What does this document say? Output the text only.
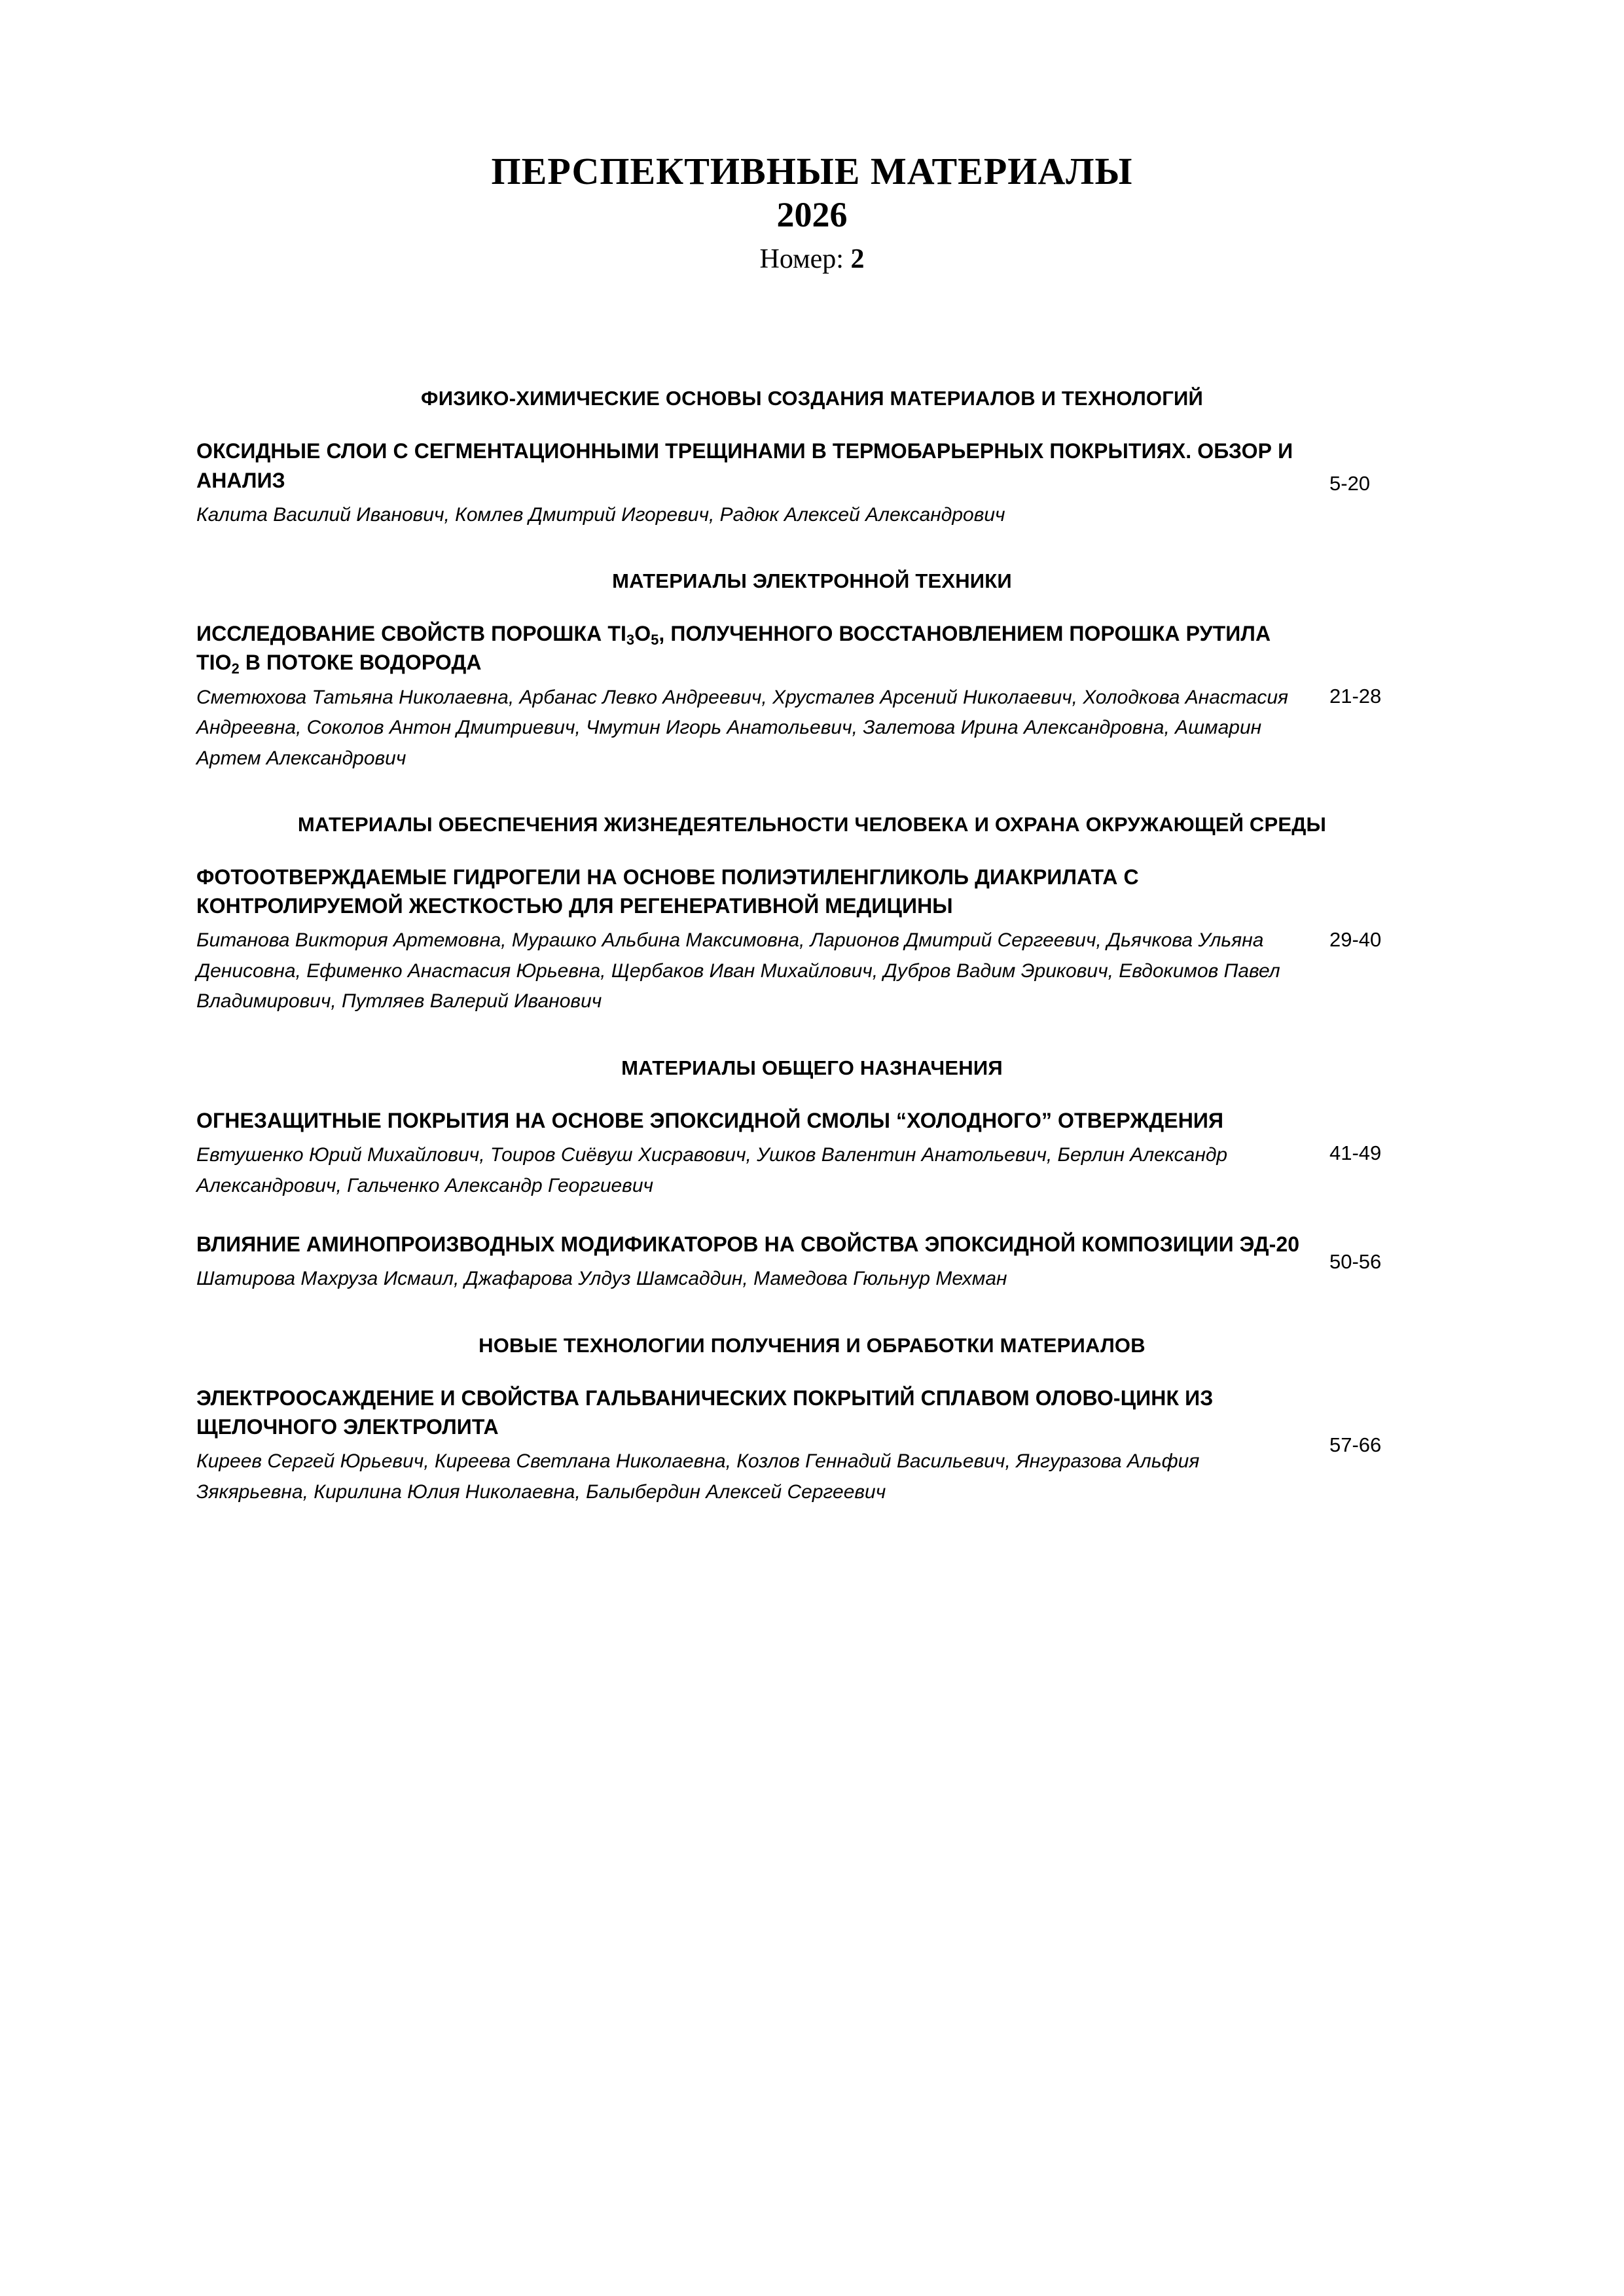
ПЕРСПЕКТИВНЫЕ МАТЕРИАЛЫ
2026
Номер: 2
ФИЗИКО-ХИМИЧЕСКИЕ ОСНОВЫ СОЗДАНИЯ МАТЕРИАЛОВ И ТЕХНОЛОГИЙ
ОКСИДНЫЕ СЛОИ С СЕГМЕНТАЦИОННЫМИ ТРЕЩИНАМИ В ТЕРМОБАРЬЕРНЫХ ПОКРЫТИЯХ. ОБЗОР И АНАЛИЗ
Калита Василий Иванович, Комлев Дмитрий Игоревич, Радюк Алексей Александрович
5-20
МАТЕРИАЛЫ ЭЛЕКТРОННОЙ ТЕХНИКИ
ИССЛЕДОВАНИЕ СВОЙСТВ ПОРОШКА $TI_3O_5$, ПОЛУЧЕННОГО ВОССТАНОВЛЕНИЕМ ПОРОШКА РУТИЛА $TIO_2$ В ПОТОКЕ ВОДОРОДА
Сметюхова Татьяна Николаевна, Арбанас Левко Андреевич, Хрусталев Арсений Николаевич, Холодкова Анастасия Андреевна, Соколов Антон Дмитриевич, Чмутин Игорь Анатольевич, Залетова Ирина Александровна, Ашмарин Артем Александрович
21-28
МАТЕРИАЛЫ ОБЕСПЕЧЕНИЯ ЖИЗНЕДЕЯТЕЛЬНОСТИ ЧЕЛОВЕКА И ОХРАНА ОКРУЖАЮЩЕЙ СРЕДЫ
ФОТООТВЕРЖДАЕМЫЕ ГИДРОГЕЛИ НА ОСНОВЕ ПОЛИЭТИЛЕНГЛИКОЛЬ ДИАКРИЛАТА С КОНТРОЛИРУЕМОЙ ЖЕСТКОСТЬЮ ДЛЯ РЕГЕНЕРАТИВНОЙ МЕДИЦИНЫ
Битанова Виктория Артемовна, Мурашко Альбина Максимовна, Ларионов Дмитрий Сергеевич, Дьячкова Ульяна Денисовна, Ефименко Анастасия Юрьевна, Щербаков Иван Михайлович, Дубров Вадим Эрикович, Евдокимов Павел Владимирович, Путляев Валерий Иванович
29-40
МАТЕРИАЛЫ ОБЩЕГО НАЗНАЧЕНИЯ
ОГНЕЗАЩИТНЫЕ ПОКРЫТИЯ НА ОСНОВЕ ЭПОКСИДНОЙ СМОЛЫ “ХОЛОДНОГО” ОТВЕРЖДЕНИЯ
Евтушенко Юрий Михайлович, Тоиров Сиёвуш Хисравович, Ушков Валентин Анатольевич, Берлин Александр Александрович, Гальченко Александр Георгиевич
41-49
ВЛИЯНИЕ АМИНОПРОИЗВОДНЫХ МОДИФИКАТОРОВ НА СВОЙСТВА ЭПОКСИДНОЙ КОМПОЗИЦИИ ЭД-20
Шатирова Махруза Исмаил, Джафарова Улдуз Шамсаддин, Мамедова Гюльнур Мехман
50-56
НОВЫЕ ТЕХНОЛОГИИ ПОЛУЧЕНИЯ И ОБРАБОТКИ МАТЕРИАЛОВ
ЭЛЕКТРООСАЖДЕНИЕ И СВОЙСТВА ГАЛЬВАНИЧЕСКИХ ПОКРЫТИЙ СПЛАВОМ ОЛОВО-ЦИНК ИЗ ЩЕЛОЧНОГО ЭЛЕКТРОЛИТА
Киреев Сергей Юрьевич, Киреева Светлана Николаевна, Козлов Геннадий Васильевич, Янгуразова Альфия Зякярьевна, Кирилина Юлия Николаевна, Балыбердин Алексей Сергеевич
57-66
